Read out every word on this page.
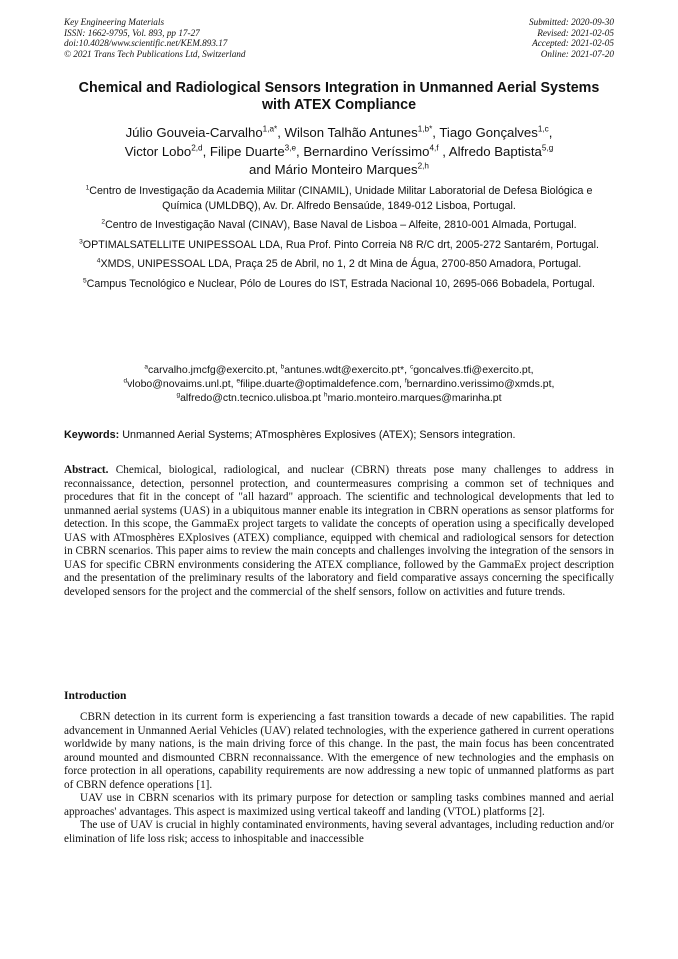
Key Engineering Materials
ISSN: 1662-9795, Vol. 893, pp 17-27
doi:10.4028/www.scientific.net/KEM.893.17
© 2021 Trans Tech Publications Ltd, Switzerland
Submitted: 2020-09-30
Revised: 2021-02-05
Accepted: 2021-02-05
Online: 2021-07-20
Chemical and Radiological Sensors Integration in Unmanned Aerial Systems with ATEX Compliance
Júlio Gouveia-Carvalho$^{1,a*}$, Wilson Talhão Antunes$^{1,b*}$, Tiago Gonçalves$^{1,c}$,
Victor Lobo$^{2,d}$, Filipe Duarte$^{3,e}$, Bernardino Veríssimo$^{4,f}$ , Alfredo Baptista$^{5,g}$
and Mário Monteiro Marques$^{2,h}$
$^1$Centro de Investigação da Academia Militar (CINAMIL), Unidade Militar Laboratorial de Defesa Biológica e Química (UMLDBQ), Av. Dr. Alfredo Bensaúde, 1849-012 Lisboa, Portugal.
$^2$Centro de Investigação Naval (CINAV), Base Naval de Lisboa – Alfeite, 2810-001 Almada, Portugal.
$^3$OPTIMALSATELLITE UNIPESSOAL LDA, Rua Prof. Pinto Correia N8 R/C drt, 2005-272 Santarém, Portugal.
$^4$XMDS, UNIPESSOAL LDA, Praça 25 de Abril, no 1, 2 dt Mina de Água, 2700-850 Amadora, Portugal.
$^5$Campus Tecnológico e Nuclear, Pólo de Loures do IST, Estrada Nacional 10, 2695-066 Bobadela, Portugal.
$^a$carvalho.jmcfg@exercito.pt, $^b$antunes.wdt@exercito.pt*, $^c$goncalves.tfi@exercito.pt,
$^d$vlobo@novaims.unl.pt, $^e$filipe.duarte@optimaldefence.com, $^f$bernardino.verissimo@xmds.pt,
$^g$alfredo@ctn.tecnico.ulisboa.pt $^h$mario.monteiro.marques@marinha.pt
Keywords: Unmanned Aerial Systems; ATmosphères Explosives (ATEX); Sensors integration.
Abstract. Chemical, biological, radiological, and nuclear (CBRN) threats pose many challenges to address in reconnaissance, detection, personnel protection, and countermeasures comprising a common set of techniques and procedures that fit in the concept of "all hazard" approach. The scientific and technological developments that led to unmanned aerial systems (UAS) in a ubiquitous manner enable its integration in CBRN operations as sensor platforms for detection. In this scope, the GammaEx project targets to validate the concepts of operation using a specifically developed UAS with ATmosphères EXplosives (ATEX) compliance, equipped with chemical and radiological sensors for detection in CBRN scenarios. This paper aims to review the main concepts and challenges involving the integration of the sensors in UAS for specific CBRN environments considering the ATEX compliance, followed by the GammaEx project description and the presentation of the preliminary results of the laboratory and field comparative assays concerning the specifically developed sensors for the project and the commercial of the shelf sensors, follow on activities and future trends.
Introduction

CBRN detection in its current form is experiencing a fast transition towards a decade of new capabilities. The rapid advancement in Unmanned Aerial Vehicles (UAV) related technologies, with the experience gathered in current operations worldwide by many nations, is the main driving force of this change. In the past, the main focus has been concentrated around mounted and dismounted CBRN reconnaissance. With the emergence of new technologies and the emphasis on force protection in all operations, capability requirements are now addressing a new topic of unmanned platforms as part of CBRN defence operations [1].

UAV use in CBRN scenarios with its primary purpose for detection or sampling tasks combines manned and aerial approaches' advantages. This aspect is maximized using vertical takeoff and landing (VTOL) platforms [2].

The use of UAV is crucial in highly contaminated environments, having several advantages, including reduction and/or elimination of life loss risk; access to inhospitable and inaccessible
